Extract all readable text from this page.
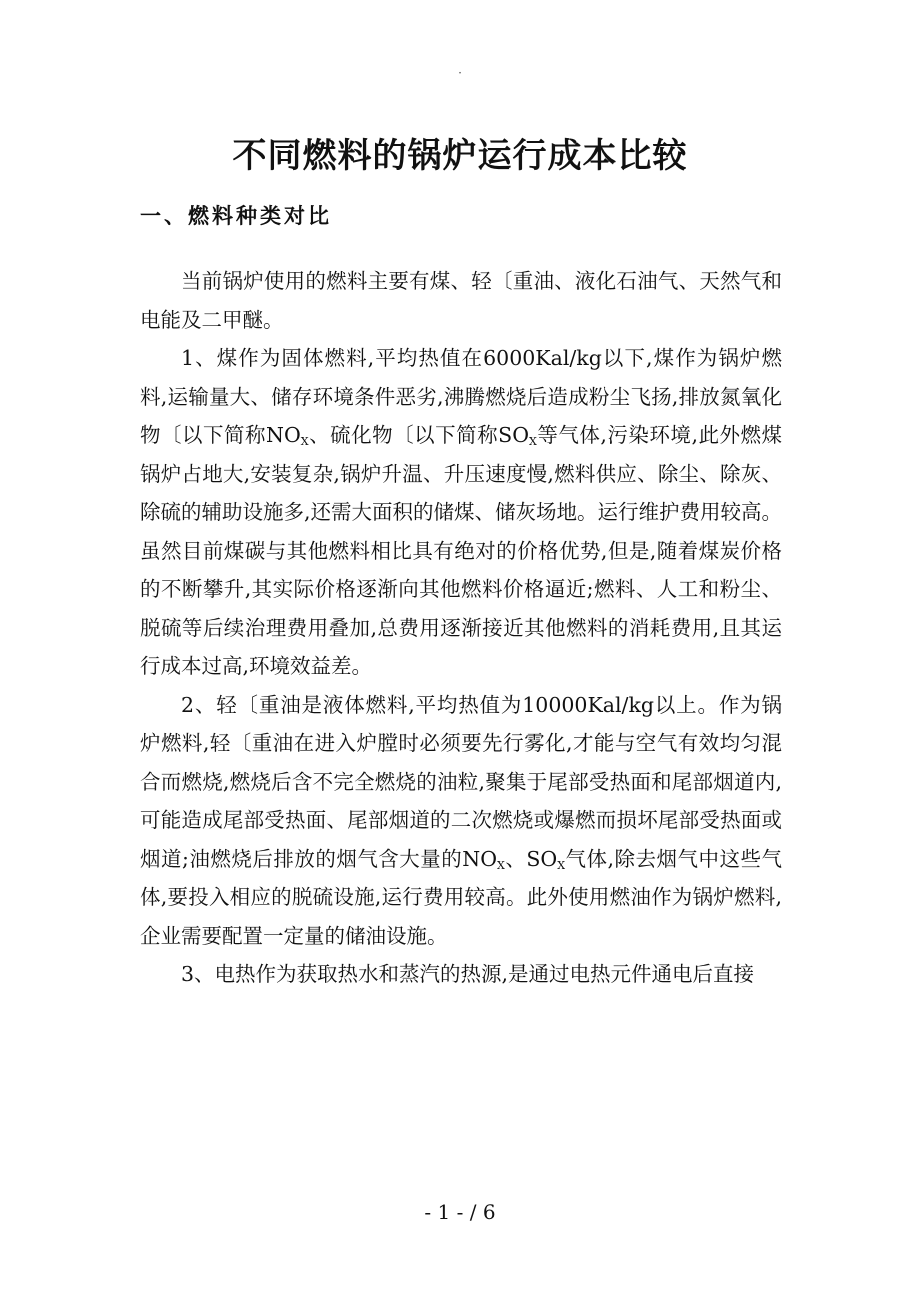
·
不同燃料的锅炉运行成本比较
一、燃料种类对比

当前锅炉使用的燃料主要有煤、轻〔重油、液化石油气、天然气和电能及二甲醚。

1、煤作为固体燃料,平均热值在6000Kal/kg以下,煤作为锅炉燃料,运输量大、储存环境条件恶劣,沸腾燃烧后造成粉尘飞扬,排放氮氧化物〔以下简称$NO_X$、硫化物〔以下简称$SO_X$等气体,污染环境,此外燃煤锅炉占地大,安装复杂,锅炉升温、升压速度慢,燃料供应、除尘、除灰、除硫的辅助设施多,还需大面积的储煤、储灰场地。运行维护费用较高。虽然目前煤碳与其他燃料相比具有绝对的价格优势,但是,随着煤炭价格的不断攀升,其实际价格逐渐向其他燃料价格逼近;燃料、人工和粉尘、脱硫等后续治理费用叠加,总费用逐渐接近其他燃料的消耗费用,且其运行成本过高,环境效益差。

2、轻〔重油是液体燃料,平均热值为10000Kal/kg以上。作为锅炉燃料,轻〔重油在进入炉膛时必须要先行雾化,才能与空气有效均匀混合而燃烧,燃烧后含不完全燃烧的油粒,聚集于尾部受热面和尾部烟道内,可能造成尾部受热面、尾部烟道的二次燃烧或爆燃而损坏尾部受热面或烟道;油燃烧后排放的烟气含大量的$NO_X$、$SO_X$气体,除去烟气中这些气体,要投入相应的脱硫设施,运行费用较高。此外使用燃油作为锅炉燃料,企业需要配置一定量的储油设施。

3、电热作为获取热水和蒸汽的热源,是通过电热元件通电后直接

- 1 - / 6
